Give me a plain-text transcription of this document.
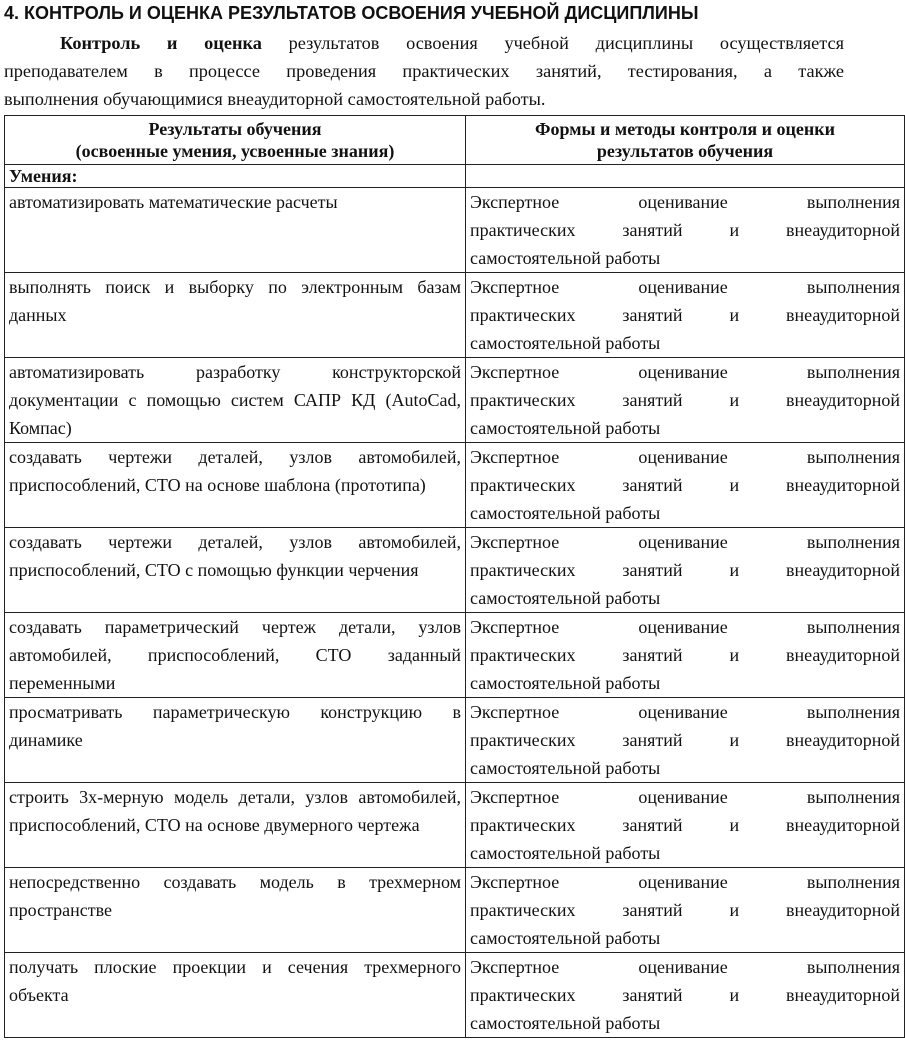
4. КОНТРОЛЬ И ОЦЕНКА РЕЗУЛЬТАТОВ ОСВОЕНИЯ УЧЕБНОЙ ДИСЦИПЛИНЫ

Контроль и оценка результатов освоения учебной дисциплины осуществляется

преподавателем в процессе проведения практических занятий, тестирования, а также

выполнения обучающимися внеаудиторной самостоятельной работы.

Результаты обучения
(освоенные умения, усвоенные знания)	Формы и методы контроля и оценки
результатов обучения

Умения:	
автоматизировать математические расчеты	Экспертное оценивание выполнения
практических занятий и внеаудиторной
самостоятельной работы

выполнять поиск и выборку по электронным базам данных	Экспертное оценивание выполнения
практических занятий и внеаудиторной
самостоятельной работы

автоматизировать разработку конструкторской документации с помощью систем САПР КД (AutoCad, Компас)	Экспертное оценивание выполнения
практических занятий и внеаудиторной
самостоятельной работы

создавать чертежи деталей, узлов автомобилей, приспособлений, СТО на основе шаблона (прототипа)	Экспертное оценивание выполнения
практических занятий и внеаудиторной
самостоятельной работы

создавать чертежи деталей, узлов автомобилей, приспособлений, СТО с помощью функции черчения	Экспертное оценивание выполнения
практических занятий и внеаудиторной
самостоятельной работы

создавать параметрический чертеж детали, узлов автомобилей, приспособлений, СТО заданный переменными	Экспертное оценивание выполнения
практических занятий и внеаудиторной
самостоятельной работы

просматривать параметрическую конструкцию в динамике	Экспертное оценивание выполнения
практических занятий и внеаудиторной
самостоятельной работы

строить 3х-мерную модель детали, узлов автомобилей, приспособлений, СТО на основе двумерного чертежа	Экспертное оценивание выполнения
практических занятий и внеаудиторной
самостоятельной работы

непосредственно создавать модель в трехмерном пространстве	Экспертное оценивание выполнения
практических занятий и внеаудиторной
самостоятельной работы

получать плоские проекции и сечения трехмерного объекта	Экспертное оценивание выполнения
практических занятий и внеаудиторной
самостоятельной работы
